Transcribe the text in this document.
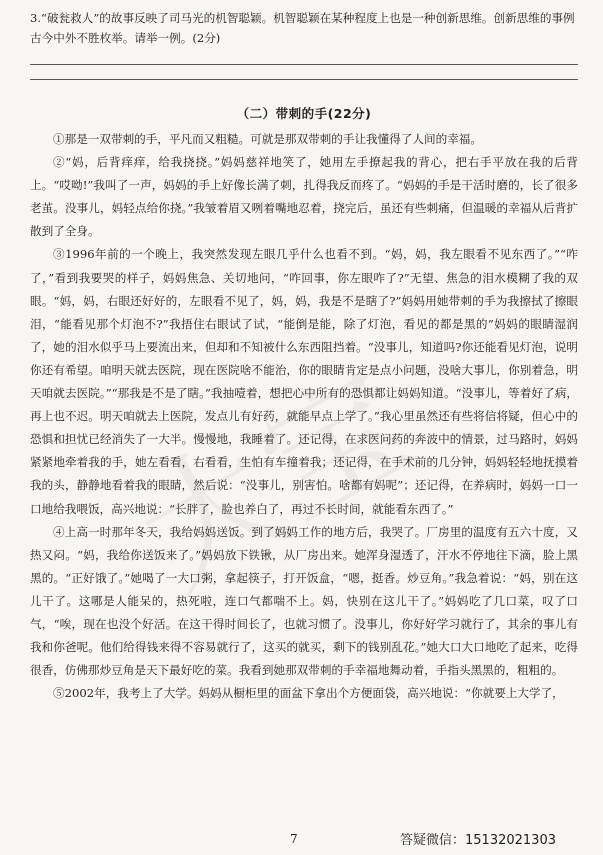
3.“破瓮救人”的故事反映了司马光的机智聪颖。机智聪颖在某种程度上也是一种创新思维。创新思维的事例古今中外不胜枚举。请举一例。(2分)

（二）带刺的手(22分)

①那是一双带刺的手，平凡而又粗糙。可就是那双带刺的手让我懂得了人间的幸福。

②“妈，后背痒痒，给我挠挠。”妈妈慈祥地笑了，她用左手撩起我的背心，把右手平放在我的后背上。“哎呦!”我叫了一声，妈妈的手上好像长满了刺，扎得我反而疼了。“妈妈的手是干活时磨的，长了很多老茧。没事儿，妈轻点给你挠。”我皱着眉又咧着嘴地忍着，挠完后，虽还有些刺痛，但温暖的幸福从后背扩散到了全身。

③1996年前的一个晚上，我突然发现左眼几乎什么也看不到。“妈，妈，我左眼看不见东西了。”“咋了，”看到我要哭的样子，妈妈焦急、关切地问，“咋回事，你左眼咋了?”无望、焦急的泪水模糊了我的双眼。“妈，妈，右眼还好好的，左眼看不见了，妈，妈，我是不是瞎了?”妈妈用她带刺的手为我擦拭了擦眼泪，“能看见那个灯泡不?”我捂住右眼试了试，“能倒是能，除了灯泡，看见的都是黑的”妈妈的眼睛湿润了，她的泪水似乎马上要流出来，但却和不知被什么东西阻挡着。“没事儿，知道吗?你还能看见灯泡，说明你还有希望。咱明天就去医院，现在医院啥不能治，你的眼睛肯定是点小问题，没啥大事儿，你别着急，明天咱就去医院。”“那我是不是了瞎。”我抽噎着，想把心中所有的恐惧都让妈妈知道。“没事儿，等着好了病，再上也不迟。明天咱就去上医院，发点儿有好药，就能早点上学了。”我心里虽然还有些将信将疑，但心中的恐惧和担忧已经消失了一大半。慢慢地，我睡着了。还记得，在求医问药的奔波中的情景，过马路时，妈妈紧紧地牵着我的手，她左看看，右看看，生怕有车撞着我；还记得，在手术前的几分钟，妈妈轻轻地抚摸着我的头，静静地看着我的眼睛，然后说：“没事儿，别害怕。啥都有妈呢”；还记得，在养病时，妈妈一口一口地给我喂饭，高兴地说：“长胖了，脸也养白了，再过不长时间，就能看东西了。”

④上高一时那年冬天，我给妈妈送饭。到了妈妈工作的地方后，我哭了。厂房里的温度有五六十度，又热又闷。“妈，我给你送饭来了。”妈妈放下铁锹，从厂房出来。她浑身湿透了，汗水不停地往下滴，脸上黑黑的。“正好饿了。”她喝了一大口粥，拿起筷子，打开饭盒，“嗯，挺香。炒豆角。”我急着说：“妈，别在这儿干了。这哪是人能呆的，热死啦，连口气都喘不上。妈，快别在这儿干了。”妈妈吃了几口菜，叹了口气，“唉，现在也没个好活。在这干得时间长了，也就习惯了。没事儿，你好好学习就行了，其余的事儿有我和你爸呢。他们给得钱来得不容易就行了，这买的就买，剩下的钱别乱花。”她大口大口地吃了起来，吃得很香，仿佛那炒豆角是天下最好吃的菜。我看到她那双带刺的手幸福地舞动着，手指头黑黑的，粗粗的。

⑤2002年，我考上了大学。妈妈从橱柜里的面盆下拿出个方便面袋，高兴地说：“你就要上大学了，

7	答疑微信：15132021303
